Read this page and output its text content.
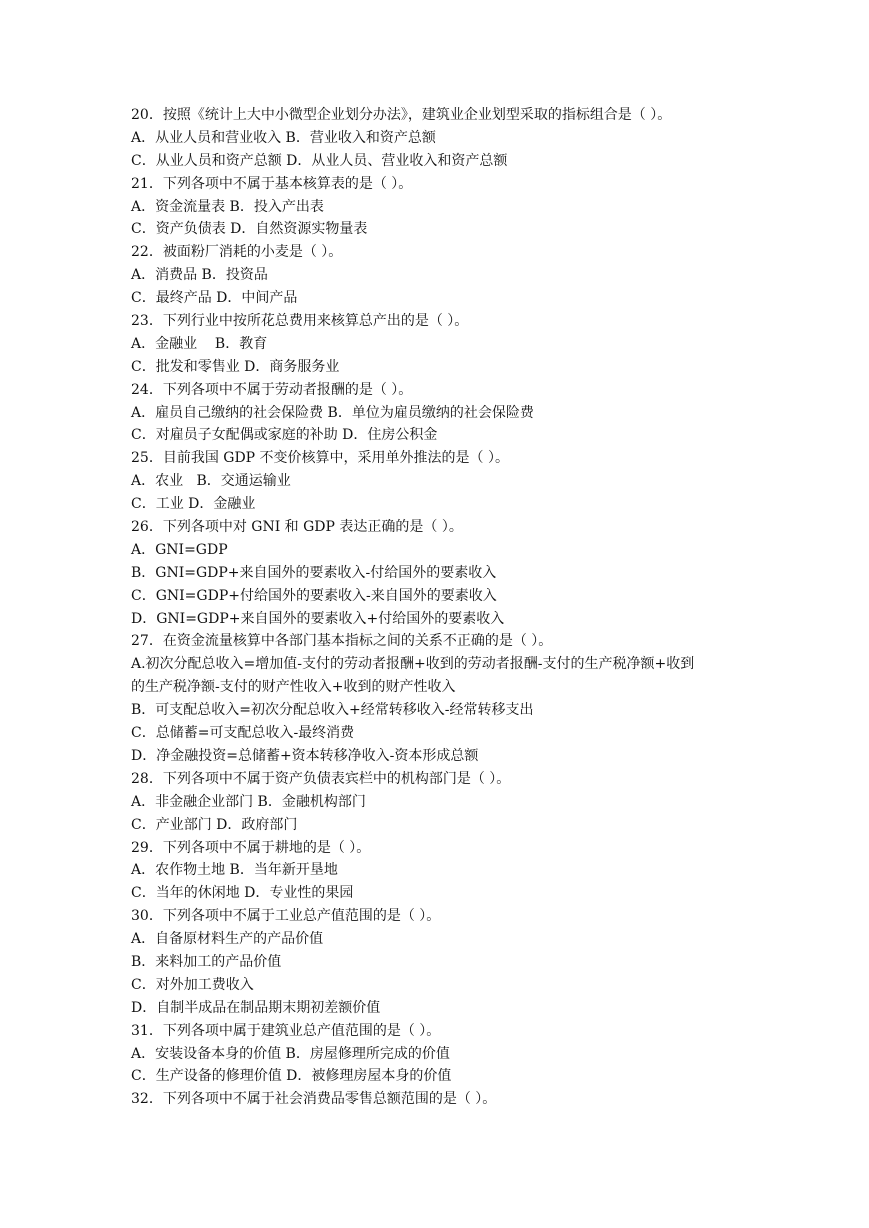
20．按照《统计上大中小微型企业划分办法》，建筑业企业划型采取的指标组合是（ ）。
A．从业人员和营业收入 B．营业收入和资产总额
C．从业人员和资产总额 D．从业人员、营业收入和资产总额
21．下列各项中不属于基本核算表的是（ ）。
A．资金流量表 B．投入产出表
C．资产负债表 D．自然资源实物量表
22．被面粉厂消耗的小麦是（ ）。
A．消费品 B．投资品
C．最终产品 D．中间产品
23．下列行业中按所花总费用来核算总产出的是（ ）。
A．金融业    B．教育
C．批发和零售业 D．商务服务业
24．下列各项中不属于劳动者报酬的是（ ）。
A．雇员自己缴纳的社会保险费 B．单位为雇员缴纳的社会保险费
C．对雇员子女配偶或家庭的补助 D．住房公积金
25．目前我国 GDP 不变价核算中，采用单外推法的是（ ）。
A．农业   B．交通运输业
C．工业 D．金融业
26．下列各项中对 GNI 和 GDP 表达正确的是（ ）。
A．GNI=GDP
B．GNI=GDP+来自国外的要素收入-付给国外的要素收入
C．GNI=GDP+付给国外的要素收入-来自国外的要素收入
D．GNI=GDP+来自国外的要素收入+付给国外的要素收入
27．在资金流量核算中各部门基本指标之间的关系不正确的是（ ）。
A.初次分配总收入=增加值-支付的劳动者报酬+收到的劳动者报酬-支付的生产税净额+收到
的生产税净额-支付的财产性收入+收到的财产性收入
B．可支配总收入=初次分配总收入+经常转移收入-经常转移支出
C．总储蓄=可支配总收入-最终消费
D．净金融投资=总储蓄+资本转移净收入-资本形成总额
28．下列各项中不属于资产负债表宾栏中的机构部门是（ ）。
A．非金融企业部门 B．金融机构部门
C．产业部门 D．政府部门
29．下列各项中不属于耕地的是（ ）。
A．农作物土地 B．当年新开垦地
C．当年的休闲地 D．专业性的果园
30．下列各项中不属于工业总产值范围的是（ ）。
A．自备原材料生产的产品价值
B．来料加工的产品价值
C．对外加工费收入
D．自制半成品在制品期末期初差额价值
31．下列各项中属于建筑业总产值范围的是（ ）。
A．安装设备本身的价值 B．房屋修理所完成的价值
C．生产设备的修理价值 D．被修理房屋本身的价值
32．下列各项中不属于社会消费品零售总额范围的是（ ）。
